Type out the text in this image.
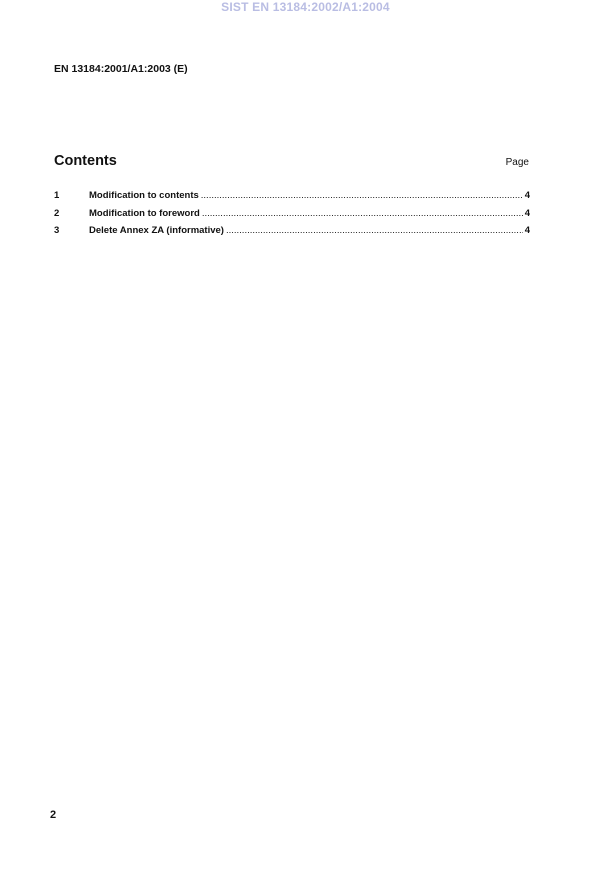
SIST EN 13184:2002/A1:2004
EN 13184:2001/A1:2003 (E)
Contents	Page
1	Modification to contents .....	4
2	Modification to foreword .....	4
3	Delete Annex ZA (informative) .....	4
2
